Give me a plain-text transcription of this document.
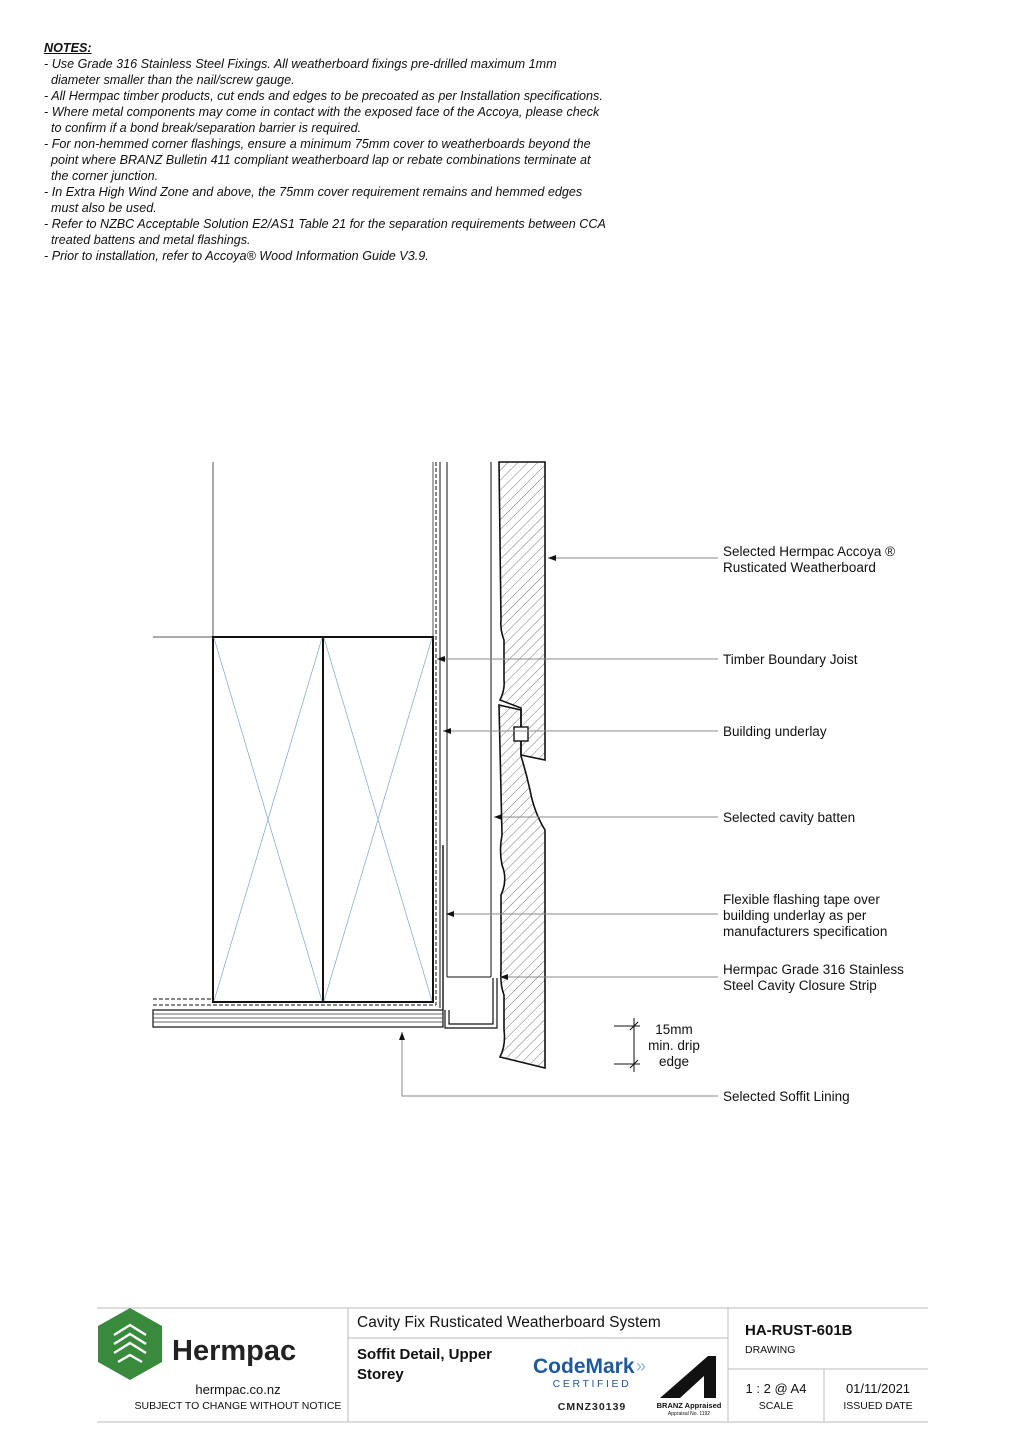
NOTES:
- Use Grade 316 Stainless Steel Fixings. All weatherboard fixings pre-drilled maximum 1mm
diameter smaller than the nail/screw gauge.
- All Hermpac timber products, cut ends and edges to be precoated as per Installation specifications.
- Where metal components may come in contact with the exposed face of the Accoya, please check
to confirm if a bond break/separation barrier is required.
- For non-hemmed corner flashings, ensure a minimum 75mm cover to weatherboards beyond the
point where BRANZ Bulletin 411 compliant weatherboard lap or rebate combinations terminate at
the corner junction.
- In Extra High Wind Zone and above, the 75mm cover requirement remains and hemmed edges
must also be used.
- Refer to NZBC Acceptable Solution E2/AS1 Table 21 for the separation requirements between CCA
treated battens and metal flashings.
- Prior to installation, refer to Accoya® Wood Information Guide V3.9.
Selected Hermpac Accoya ®
Rusticated Weatherboard
Timber Boundary Joist
Building underlay
Selected cavity batten
Flexible flashing tape over
building underlay as per
manufacturers specification
Hermpac Grade 316 Stainless
Steel Cavity Closure Strip
15mm
min. drip
edge
Selected Soffit Lining
Hermpac
hermpac.co.nz
SUBJECT TO CHANGE WITHOUT NOTICE
Cavity Fix Rusticated Weatherboard System
Soffit Detail, Upper
Storey	CodeMark »
CERTIFIED
CMNZ30139	BRANZ Appraised
Appraisal No. 1192
HA-RUST-601B
DRAWING
1 : 2 @ A4
SCALE
01/11/2021
ISSUED DATE
